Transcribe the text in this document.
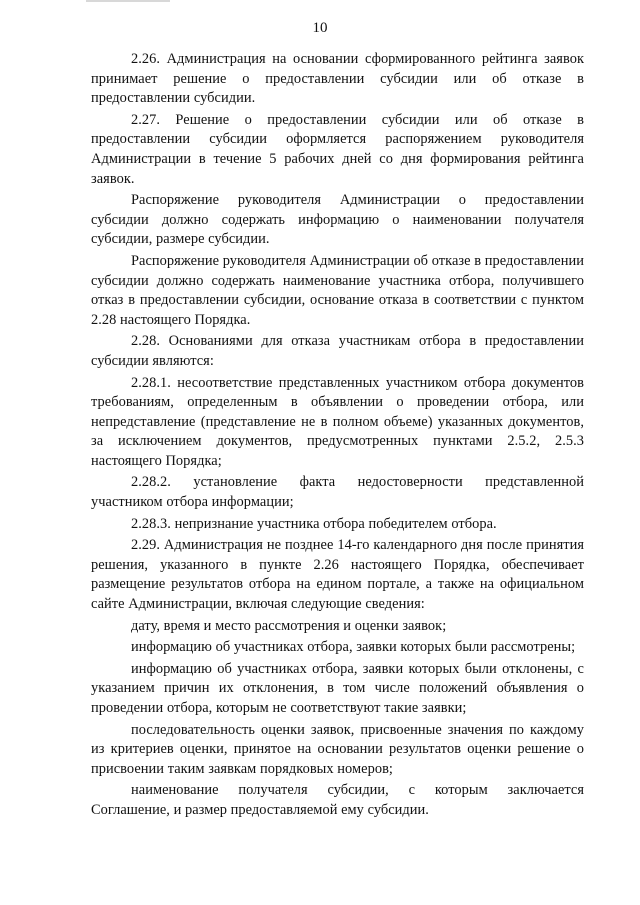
10

2.26. Администрация на основании сформированного рейтинга заявок принимает решение о предоставлении субсидии или об отказе в предоставлении субсидии.

2.27. Решение о предоставлении субсидии или об отказе в предоставлении субсидии оформляется распоряжением руководителя Администрации в течение 5 рабочих дней со дня формирования рейтинга заявок.

Распоряжение руководителя Администрации о предоставлении субсидии должно содержать информацию о наименовании получателя субсидии, размере субсидии.

Распоряжение руководителя Администрации об отказе в предоставлении субсидии должно содержать наименование участника отбора, получившего отказ в предоставлении субсидии, основание отказа в соответствии с пунктом 2.28 настоящего Порядка.

2.28. Основаниями для отказа участникам отбора в предоставлении субсидии являются:

2.28.1. несоответствие представленных участником отбора документов требованиям, определенным в объявлении о проведении отбора, или непредставление (представление не в полном объеме) указанных документов, за исключением документов, предусмотренных пунктами 2.5.2, 2.5.3 настоящего Порядка;

2.28.2. установление факта недостоверности представленной участником отбора информации;

2.28.3. непризнание участника отбора победителем отбора.

2.29. Администрация не позднее 14-го календарного дня после принятия решения, указанного в пункте 2.26 настоящего Порядка, обеспечивает размещение результатов отбора на едином портале, а также на официальном сайте Администрации, включая следующие сведения:

дату, время и место рассмотрения и оценки заявок;

информацию об участниках отбора, заявки которых были рассмотрены;

информацию об участниках отбора, заявки которых были отклонены, с указанием причин их отклонения, в том числе положений объявления о проведении отбора, которым не соответствуют такие заявки;

последовательность оценки заявок, присвоенные значения по каждому из критериев оценки, принятое на основании результатов оценки решение о присвоении таким заявкам порядковых номеров;

наименование получателя субсидии, с которым заключается Соглашение, и размер предоставляемой ему субсидии.
